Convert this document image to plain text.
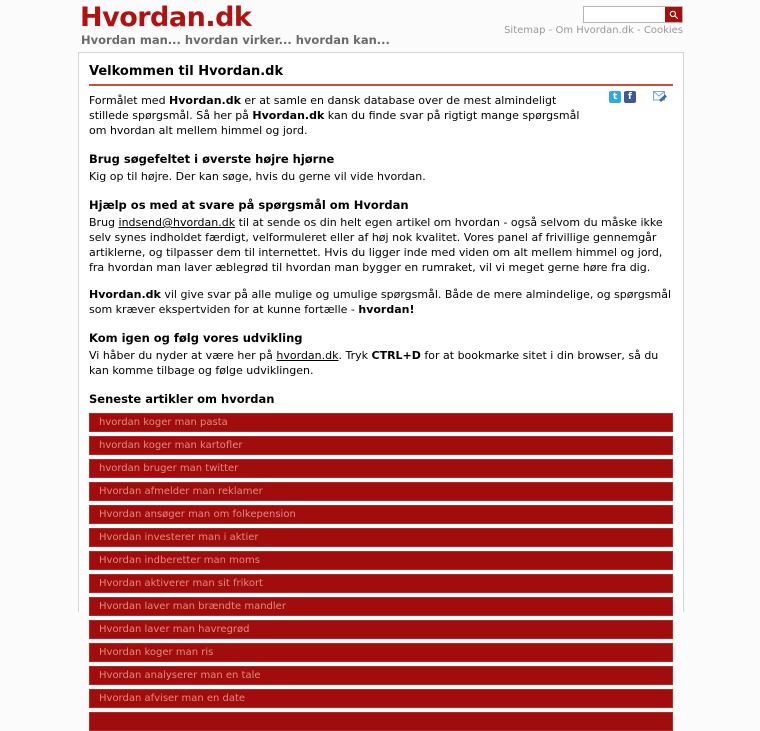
Hvordan.dk
Hvordan man... hvordan virker... hvordan kan...
Sitemap - Om Hvordan.dk - Cookies
t	f
Velkommen til Hvordan.dk

Formålet med Hvordan.dk er at samle en dansk database over de mest almindeligt stillede spørgsmål. Så her på Hvordan.dk kan du finde svar på rigtigt mange spørgsmål om hvordan alt mellem himmel og jord.

Brug søgefeltet i øverste højre hjørne

Kig op til højre. Der kan søge, hvis du gerne vil vide hvordan.

Hjælp os med at svare på spørgsmål om Hvordan

Brug indsend@hvordan.dk til at sende os din helt egen artikel om hvordan - også selvom du måske ikke selv synes indholdet færdigt, velformuleret eller af høj nok kvalitet. Vores panel af frivillige gennemgår artiklerne, og tilpasser dem til internettet. Hvis du ligger inde med viden om alt mellem himmel og jord, fra hvordan man laver æblegrød til hvordan man bygger en rumraket, vil vi meget gerne høre fra dig.

Hvordan.dk vil give svar på alle mulige og umulige spørgsmål. Både de mere almindelige, og spørgsmål som kræver ekspertviden for at kunne fortælle - hvordan!

Kom igen og følg vores udvikling

Vi håber du nyder at være her på hvordan.dk. Tryk CTRL+D for at bookmarke sitet i din browser, så du kan komme tilbage og følge udviklingen.

Seneste artikler om hvordan
hvordan koger man pasta
hvordan koger man kartofler
hvordan bruger man twitter
Hvordan afmelder man reklamer
Hvordan ansøger man om folkepension
Hvordan investerer man i aktier
Hvordan indberetter man moms
Hvordan aktiverer man sit frikort
Hvordan laver man brændte mandler
Hvordan laver man havregrød
Hvordan koger man ris
Hvordan analyserer man en tale
Hvordan afviser man en date
